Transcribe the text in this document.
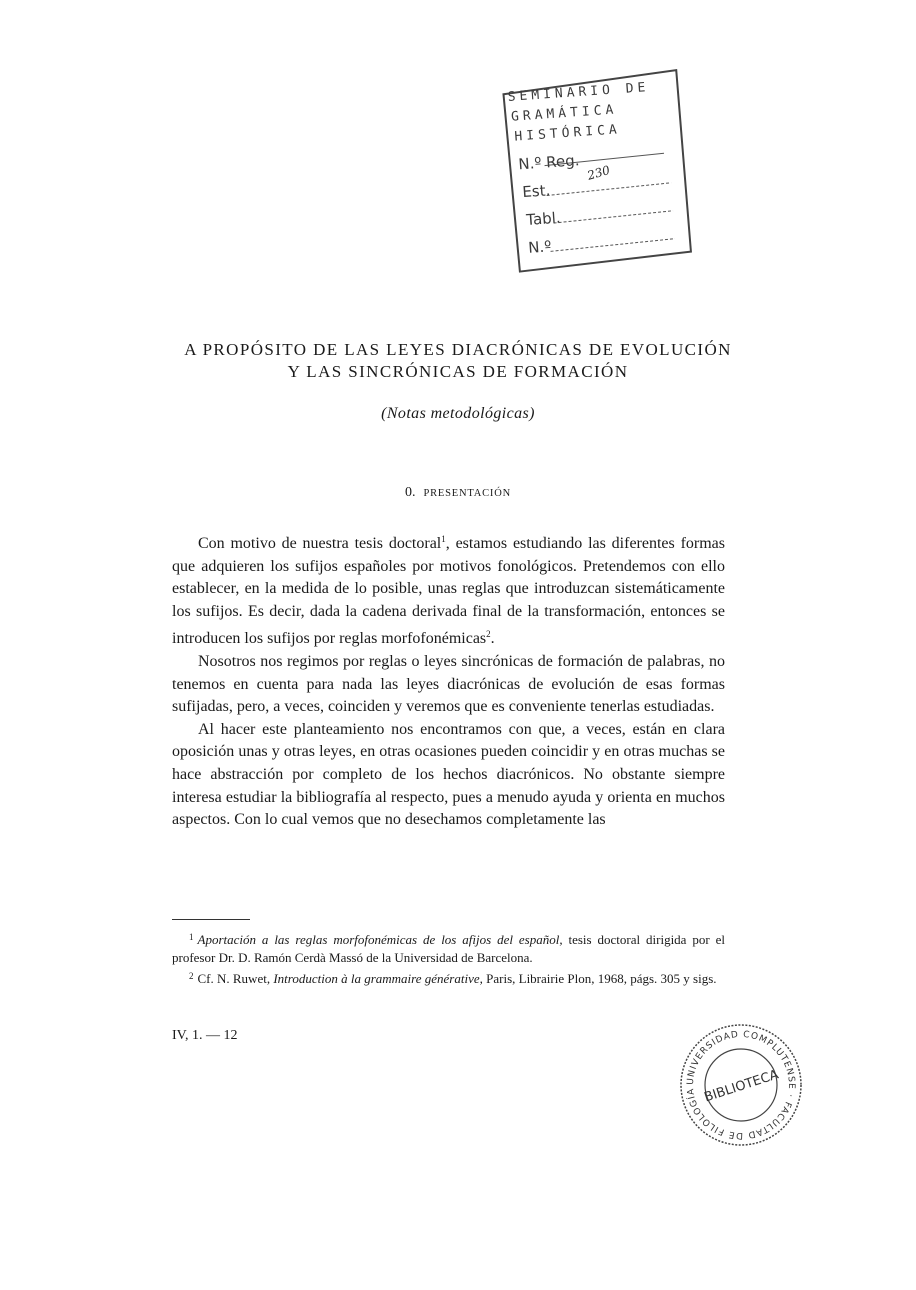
SEMINARIO DE
GRAMÁTICA
HISTÓRICA
N.º Reg. 230
Est.
Tabl.
N.º
A PROPÓSITO DE LAS LEYES DIACRÓNICAS DE EVOLUCIÓN
Y LAS SINCRÓNICAS DE FORMACIÓN
(Notas metodológicas)
0. PRESENTACIÓN

Con motivo de nuestra tesis doctoral$^1$, estamos estudiando las diferentes formas que adquieren los sufijos españoles por motivos fonológicos. Pretendemos con ello establecer, en la medida de lo posible, unas reglas que introduzcan sistemáticamente los sufijos. Es decir, dada la cadena derivada final de la transformación, entonces se introducen los sufijos por reglas morfofonémicas$^2$.

Nosotros nos regimos por reglas o leyes sincrónicas de formación de palabras, no tenemos en cuenta para nada las leyes diacrónicas de evolución de esas formas sufijadas, pero, a veces, coinciden y veremos que es conveniente tenerlas estudiadas.

Al hacer este planteamiento nos encontramos con que, a veces, están en clara oposición unas y otras leyes, en otras ocasiones pueden coincidir y en otras muchas se hace abstracción por completo de los hechos diacrónicos. No obstante siempre interesa estudiar la bibliografía al respecto, pues a menudo ayuda y orienta en muchos aspectos. Con lo cual vemos que no desechamos completamente las

$^1$ Aportación a las reglas morfofonémicas de los afijos del español, tesis doctoral dirigida por el profesor Dr. D. Ramón Cerdà Massó de la Universidad de Barcelona.

$^2$ Cf. N. Ruwet, Introduction à la grammaire générative, Paris, Librairie Plon, 1968, págs. 305 y sigs.

IV, 1. — 12
UNIVERSIDAD COMPLUTENSE · FACULTAD DE FILOLOGÍA BIBLIOTECA
